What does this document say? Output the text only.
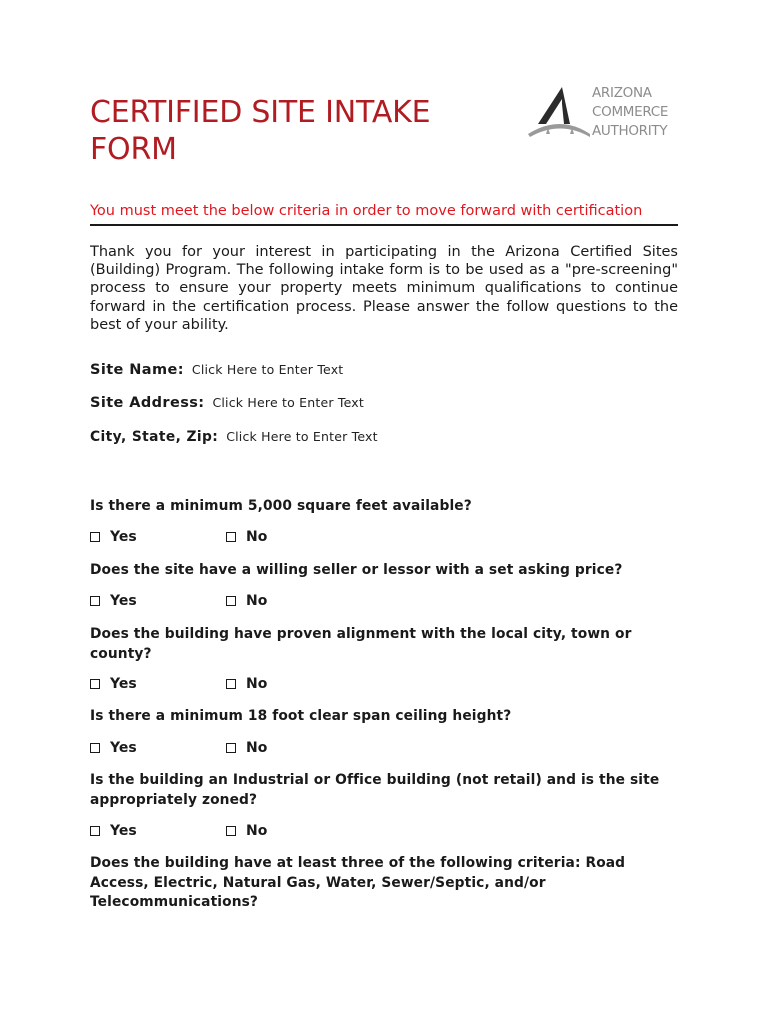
CERTIFIED SITE INTAKE FORM
ARIZONA
COMMERCE
AUTHORITY
You must meet the below criteria in order to move forward with certification
Thank you for your interest in participating in the Arizona Certified Sites (Building) Program. The following intake form is to be used as a "pre-screening" process to ensure your property meets minimum qualifications to continue forward in the certification process. Please answer the follow questions to the best of your ability.
Site Name: Click Here to Enter Text
Site Address: Click Here to Enter Text
City, State, Zip: Click Here to Enter Text
Is there a minimum 5,000 square feet available?
Yes	No
Does the site have a willing seller or lessor with a set asking price?
Yes	No
Does the building have proven alignment with the local city, town or county?
Yes	No
Is there a minimum 18 foot clear span ceiling height?
Yes	No
Is the building an Industrial or Office building (not retail) and is the site appropriately zoned?
Yes	No
Does the building have at least three of the following criteria: Road Access, Electric, Natural Gas, Water, Sewer/Septic, and/or Telecommunications?
